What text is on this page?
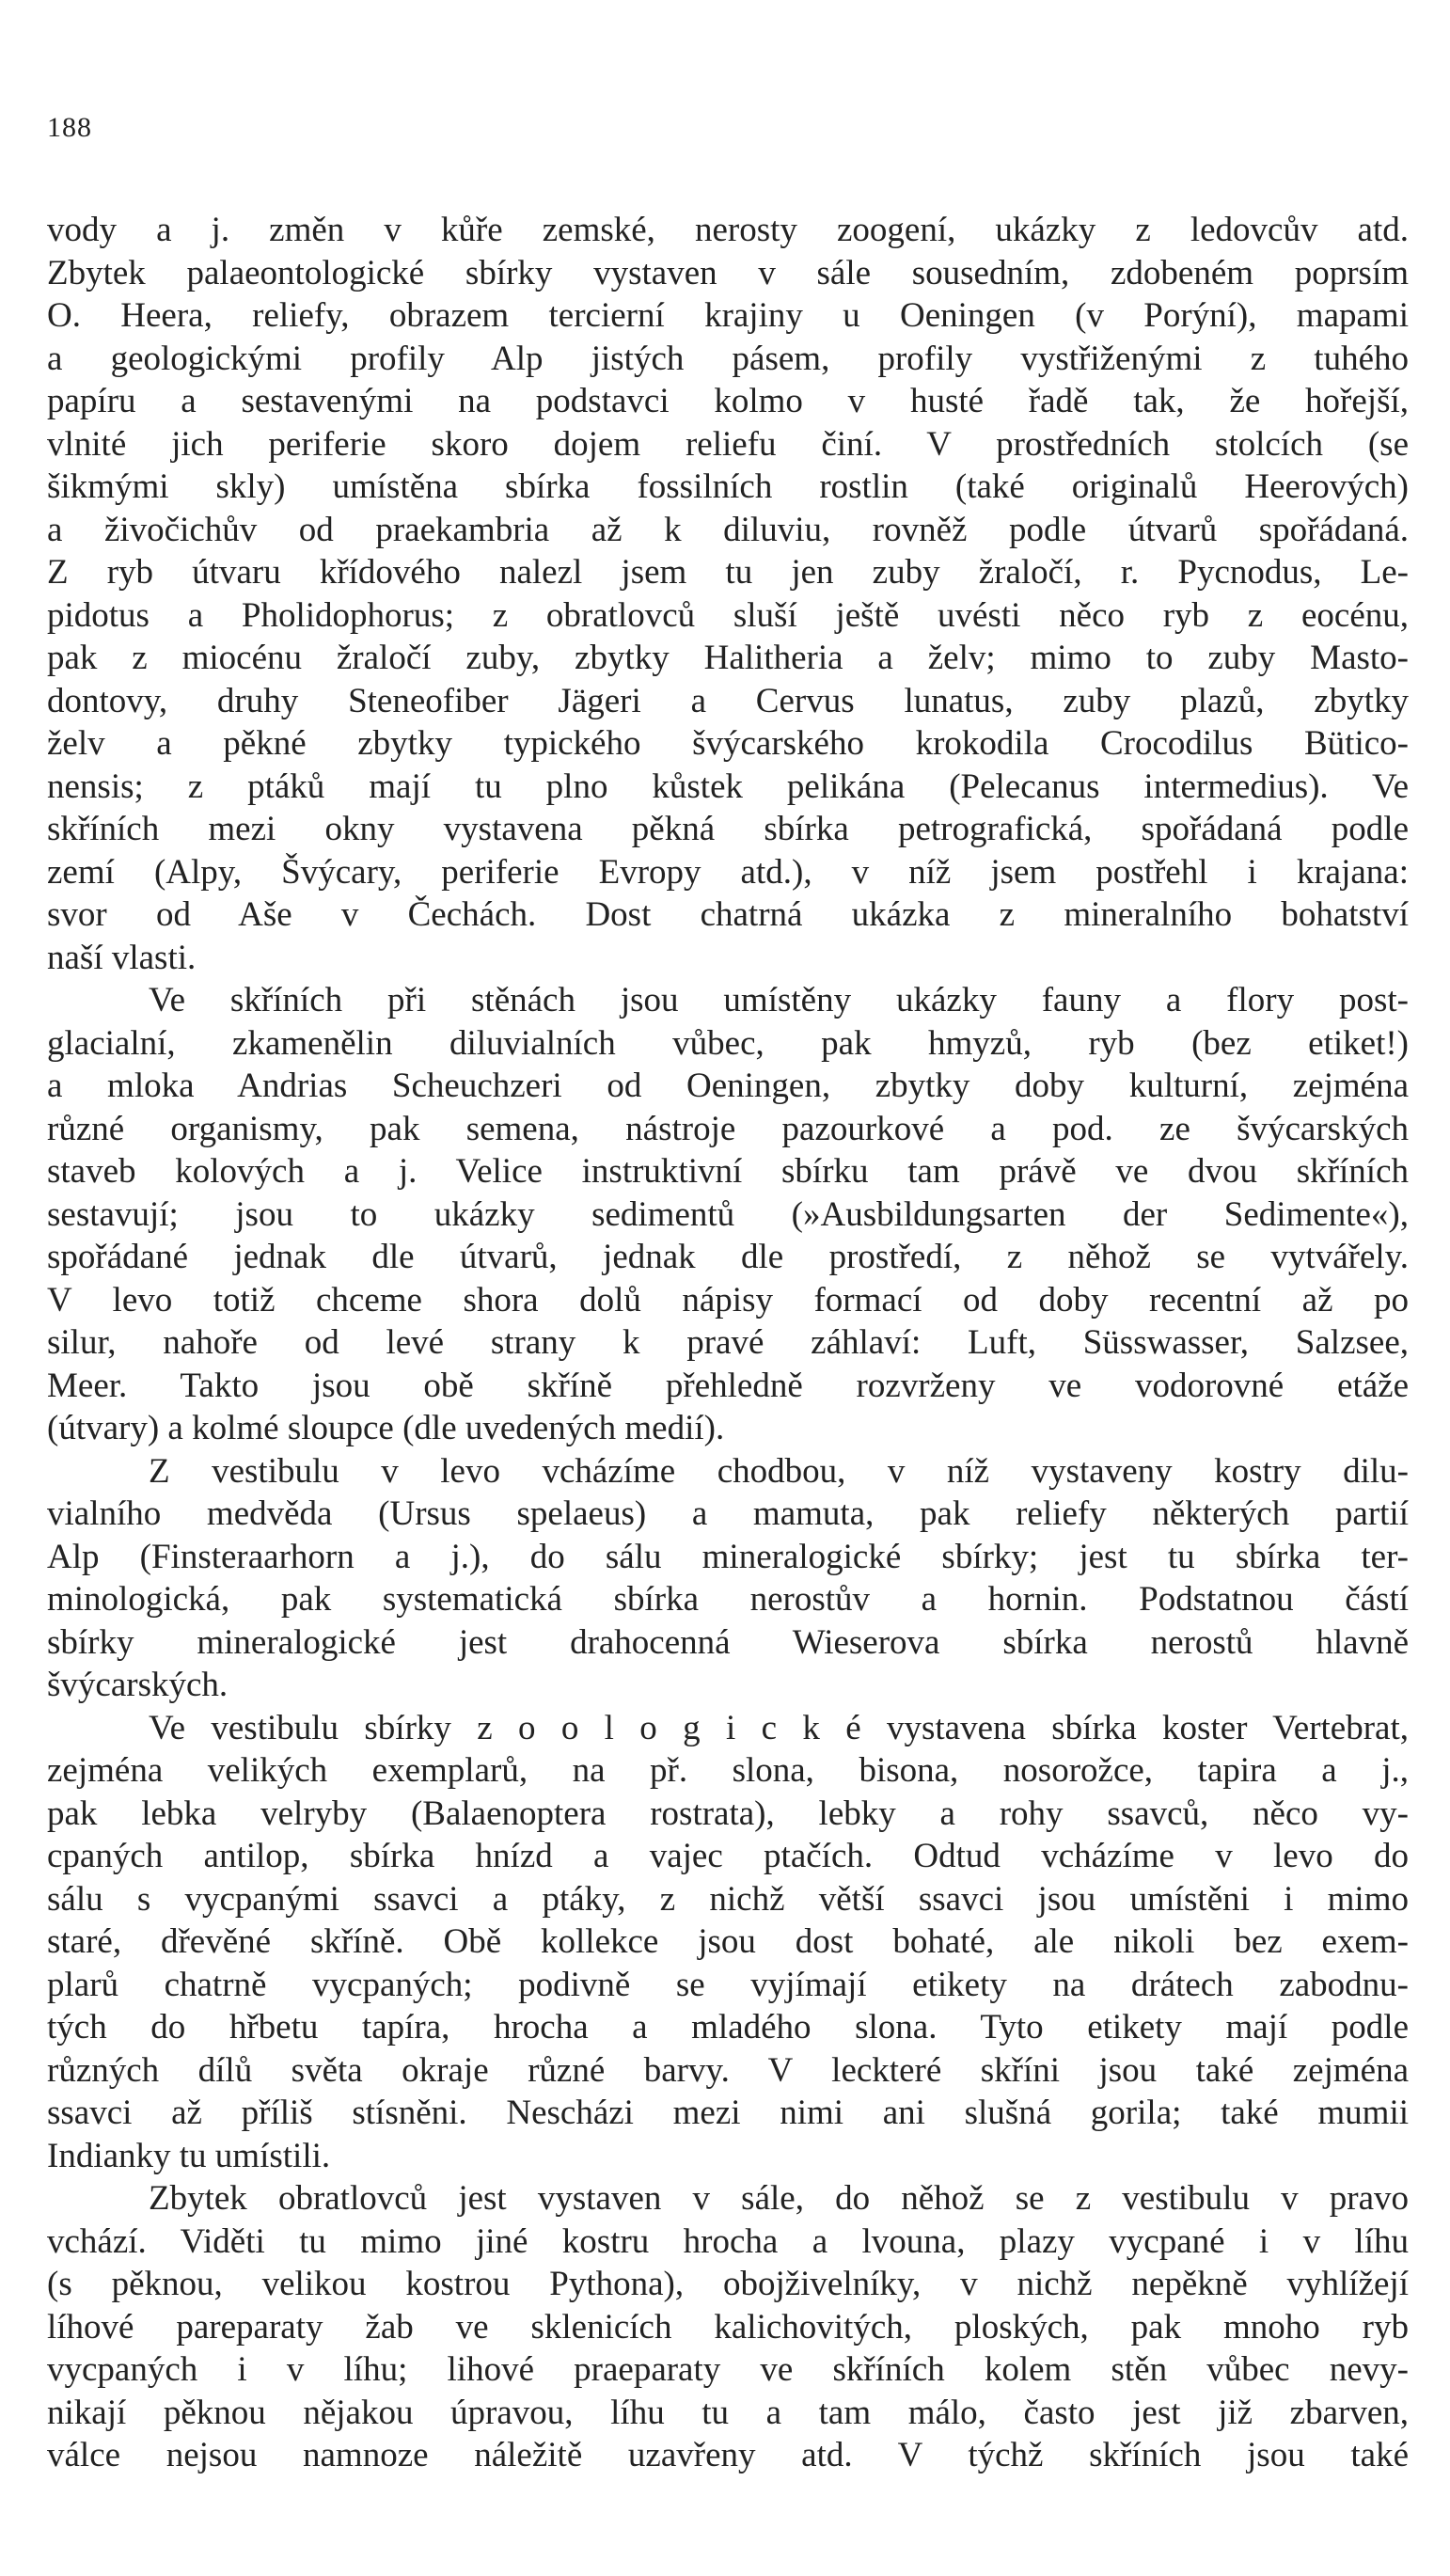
188
vody a j. změn v kůře zemské, nerosty zoogení, ukázky z ledovcův atd.
Zbytek palaeontologické sbírky vystaven v sále sousedním, zdobeném poprsím
O. Heera, reliefy, obrazem tercierní krajiny u Oeningen (v Porýní), mapami
a geologickými profily Alp jistých pásem, profily vystřiženými z tuhého
papíru a sestavenými na podstavci kolmo v husté řadě tak, že hořejší,
vlnité jich periferie skoro dojem reliefu činí. V prostředních stolcích (se
šikmými skly) umístěna sbírka fossilních rostlin (také originalů Heerových)
a živočichův od praekambria až k diluviu, rovněž podle útvarů spořádaná.
Z ryb útvaru křídového nalezl jsem tu jen zuby žraločí, r. Pycnodus, Le-
pidotus a Pholidophorus; z obratlovců sluší ještě uvésti něco ryb z eocénu,
pak z miocénu žraločí zuby, zbytky Halitheria a želv; mimo to zuby Masto-
dontovy, druhy Steneofiber Jägeri a Cervus lunatus, zuby plazů, zbytky
želv a pěkné zbytky typického švýcarského krokodila Crocodilus Bütico-
nensis; z ptáků mají tu plno kůstek pelikána (Pelecanus intermedius). Ve
skříních mezi okny vystavena pěkná sbírka petrografická, spořádaná podle
zemí (Alpy, Švýcary, periferie Evropy atd.), v níž jsem postřehl i krajana:
svor od Aše v Čechách. Dost chatrná ukázka z mineralního bohatství
naší vlasti.
Ve skříních při stěnách jsou umístěny ukázky fauny a flory post-
glacialní, zkamenělin diluvialních vůbec, pak hmyzů, ryb (bez etiket!)
a mloka Andrias Scheuchzeri od Oeningen, zbytky doby kulturní, zejména
různé organismy, pak semena, nástroje pazourkové a pod. ze švýcarských
staveb kolových a j. Velice instruktivní sbírku tam právě ve dvou skříních
sestavují; jsou to ukázky sedimentů (»Ausbildungsarten der Sedimente«),
spořádané jednak dle útvarů, jednak dle prostředí, z něhož se vytvářely.
V levo totiž chceme shora dolů nápisy formací od doby recentní až po
silur, nahoře od levé strany k pravé záhlaví: Luft, Süsswasser, Salzsee,
Meer. Takto jsou obě skříně přehledně rozvrženy ve vodorovné etáže
(útvary) a kolmé sloupce (dle uvedených medií).
Z vestibulu v levo vcházíme chodbou, v níž vystaveny kostry dilu-
vialního medvěda (Ursus spelaeus) a mamuta, pak reliefy některých partií
Alp (Finsteraarhorn a j.), do sálu mineralogické sbírky; jest tu sbírka ter-
minologická, pak systematická sbírka nerostův a hornin. Podstatnou částí
sbírky mineralogické jest drahocenná Wieserova sbírka nerostů hlavně
švýcarských.
Ve vestibulu sbírky z o o l o g i c k é vystavena sbírka koster Vertebrat,
zejména velikých exemplarů, na př. slona, bisona, nosorožce, tapira a j.,
pak lebka velryby (Balaenoptera rostrata), lebky a rohy ssavců, něco vy-
cpaných antilop, sbírka hnízd a vajec ptačích. Odtud vcházíme v levo do
sálu s vycpanými ssavci a ptáky, z nichž větší ssavci jsou umístěni i mimo
staré, dřevěné skříně. Obě kollekce jsou dost bohaté, ale nikoli bez exem-
plarů chatrně vycpaných; podivně se vyjímají etikety na drátech zabodnu-
tých do hřbetu tapíra, hrocha a mladého slona. Tyto etikety mají podle
různých dílů světa okraje různé barvy. V leckteré skříni jsou také zejména
ssavci až příliš stísněni. Nescházi mezi nimi ani slušná gorila; také mumii
Indianky tu umístili.
Zbytek obratlovců jest vystaven v sále, do něhož se z vestibulu v pravo
vchází. Viděti tu mimo jiné kostru hrocha a lvouna, plazy vycpané i v líhu
(s pěknou, velikou kostrou Pythona), obojživelníky, v nichž nepěkně vyhlížejí
líhové pareparaty žab ve sklenicích kalichovitých, ploských, pak mnoho ryb
vycpaných i v líhu; lihové praeparaty ve skříních kolem stěn vůbec nevy-
nikají pěknou nějakou úpravou, líhu tu a tam málo, často jest již zbarven,
válce nejsou namnoze náležitě uzavřeny atd. V týchž skříních jsou také
